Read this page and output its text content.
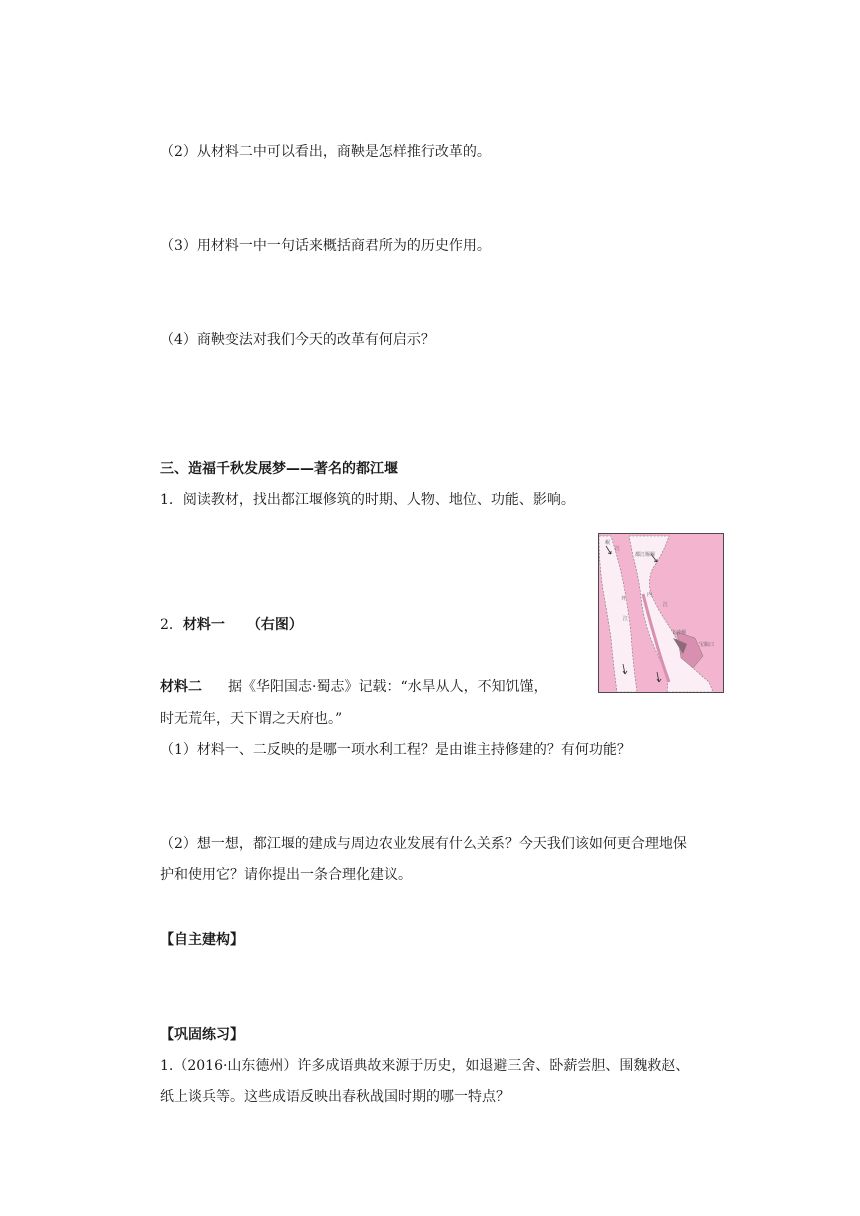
（2）从材料二中可以看出，商鞅是怎样推行改革的。
（3）用材料一中一句话来概括商君所为的历史作用。
（4）商鞅变法对我们今天的改革有何启示？
三、造福千秋发展梦——著名的都江堰
1．阅读教材，找出都江堰修筑的时期、人物、地位、功能、影响。
2．材料一 （右图）
材料二 据《华阳国志·蜀志》记载：“水旱从人，不知饥馑，
时无荒年，天下谓之天府也。”
（1）材料一、二反映的是哪一项水利工程？是由谁主持修建的？有何功能？
（2）想一想，都江堰的建成与周边农业发展有什么关系？今天我们该如何更合理地保
护和使用它？请你提出一条合理化建议。
【自主建构】
【巩固练习】
1.（2016·山东德州）许多成语典故来源于历史，如退避三舍、卧薪尝胆、围魏救赵、
纸上谈兵等。这些成语反映出春秋战国时期的哪一特点？
岷
江
都江堰堰
内
外
江
江
飞沙堰
宝瓶口
